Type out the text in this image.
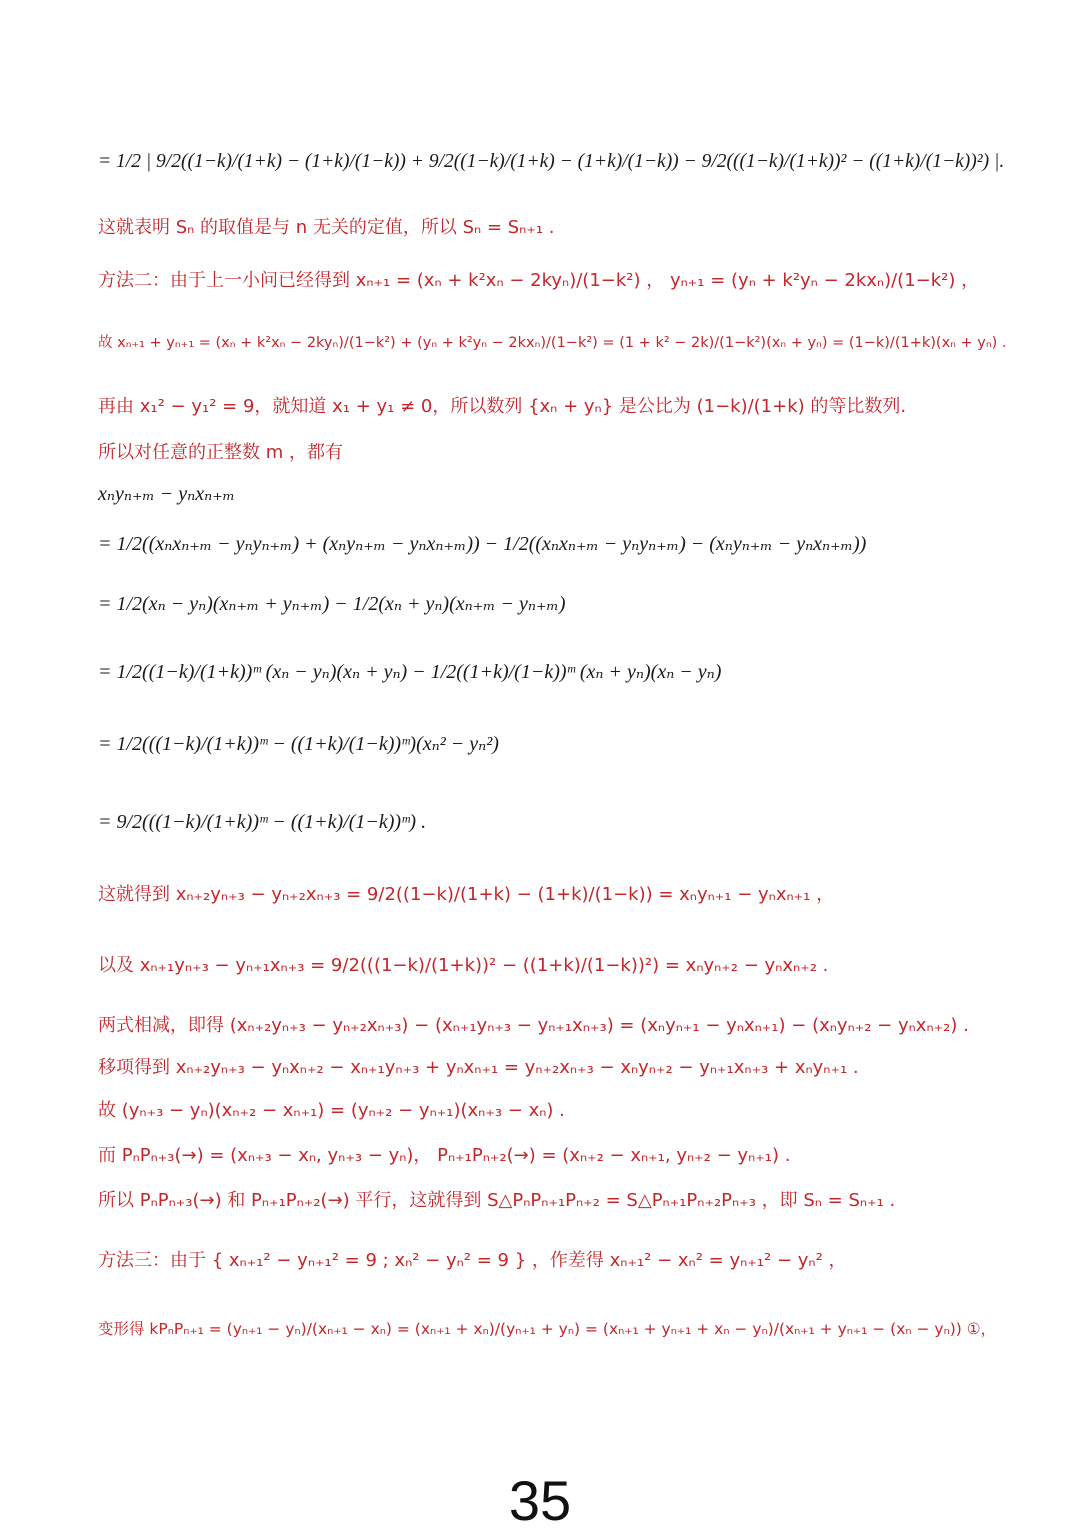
= 1/2 | 9/2((1−k)/(1+k) − (1+k)/(1−k)) + 9/2((1−k)/(1+k) − (1+k)/(1−k)) − 9/2(((1−k)/(1+k))² − ((1+k)/(1−k))²) |.
这就表明 Sₙ 的取值是与 n 无关的定值，所以 Sₙ = Sₙ₊₁ .
方法二：由于上一小问已经得到 xₙ₊₁ = (xₙ + k²xₙ − 2kyₙ)/(1−k²) ， yₙ₊₁ = (yₙ + k²yₙ − 2kxₙ)/(1−k²) ，
故 xₙ₊₁ + yₙ₊₁ = (xₙ + k²xₙ − 2kyₙ)/(1−k²) + (yₙ + k²yₙ − 2kxₙ)/(1−k²) = (1 + k² − 2k)/(1−k²)(xₙ + yₙ) = (1−k)/(1+k)(xₙ + yₙ) .
再由 x₁² − y₁² = 9，就知道 x₁ + y₁ ≠ 0，所以数列 {xₙ + yₙ} 是公比为 (1−k)/(1+k) 的等比数列.
所以对任意的正整数 m ，都有
xₙyₙ₊ₘ − yₙxₙ₊ₘ
= 1/2((xₙxₙ₊ₘ − yₙyₙ₊ₘ) + (xₙyₙ₊ₘ − yₙxₙ₊ₘ)) − 1/2((xₙxₙ₊ₘ − yₙyₙ₊ₘ) − (xₙyₙ₊ₘ − yₙxₙ₊ₘ))
= 1/2(xₙ − yₙ)(xₙ₊ₘ + yₙ₊ₘ) − 1/2(xₙ + yₙ)(xₙ₊ₘ − yₙ₊ₘ)
= 1/2((1−k)/(1+k))ᵐ (xₙ − yₙ)(xₙ + yₙ) − 1/2((1+k)/(1−k))ᵐ (xₙ + yₙ)(xₙ − yₙ)
= 1/2(((1−k)/(1+k))ᵐ − ((1+k)/(1−k))ᵐ)(xₙ² − yₙ²)
= 9/2(((1−k)/(1+k))ᵐ − ((1+k)/(1−k))ᵐ) .
这就得到 xₙ₊₂yₙ₊₃ − yₙ₊₂xₙ₊₃ = 9/2((1−k)/(1+k) − (1+k)/(1−k)) = xₙyₙ₊₁ − yₙxₙ₊₁ ，
以及 xₙ₊₁yₙ₊₃ − yₙ₊₁xₙ₊₃ = 9/2(((1−k)/(1+k))² − ((1+k)/(1−k))²) = xₙyₙ₊₂ − yₙxₙ₊₂ .
两式相减，即得 (xₙ₊₂yₙ₊₃ − yₙ₊₂xₙ₊₃) − (xₙ₊₁yₙ₊₃ − yₙ₊₁xₙ₊₃) = (xₙyₙ₊₁ − yₙxₙ₊₁) − (xₙyₙ₊₂ − yₙxₙ₊₂) .
移项得到 xₙ₊₂yₙ₊₃ − yₙxₙ₊₂ − xₙ₊₁yₙ₊₃ + yₙxₙ₊₁ = yₙ₊₂xₙ₊₃ − xₙyₙ₊₂ − yₙ₊₁xₙ₊₃ + xₙyₙ₊₁ .
故 (yₙ₊₃ − yₙ)(xₙ₊₂ − xₙ₊₁) = (yₙ₊₂ − yₙ₊₁)(xₙ₊₃ − xₙ) .
而 PₙPₙ₊₃(→) = (xₙ₊₃ − xₙ, yₙ₊₃ − yₙ)， Pₙ₊₁Pₙ₊₂(→) = (xₙ₊₂ − xₙ₊₁, yₙ₊₂ − yₙ₊₁) .
所以 PₙPₙ₊₃(→) 和 Pₙ₊₁Pₙ₊₂(→) 平行，这就得到 S△PₙPₙ₊₁Pₙ₊₂ = S△Pₙ₊₁Pₙ₊₂Pₙ₊₃ ，即 Sₙ = Sₙ₊₁ .
方法三：由于 { xₙ₊₁² − yₙ₊₁² = 9 ; xₙ² − yₙ² = 9 } ，作差得 xₙ₊₁² − xₙ² = yₙ₊₁² − yₙ² ，
变形得 kPₙPₙ₊₁ = (yₙ₊₁ − yₙ)/(xₙ₊₁ − xₙ) = (xₙ₊₁ + xₙ)/(yₙ₊₁ + yₙ) = (xₙ₊₁ + yₙ₊₁ + xₙ − yₙ)/(xₙ₊₁ + yₙ₊₁ − (xₙ − yₙ)) ①，
35
